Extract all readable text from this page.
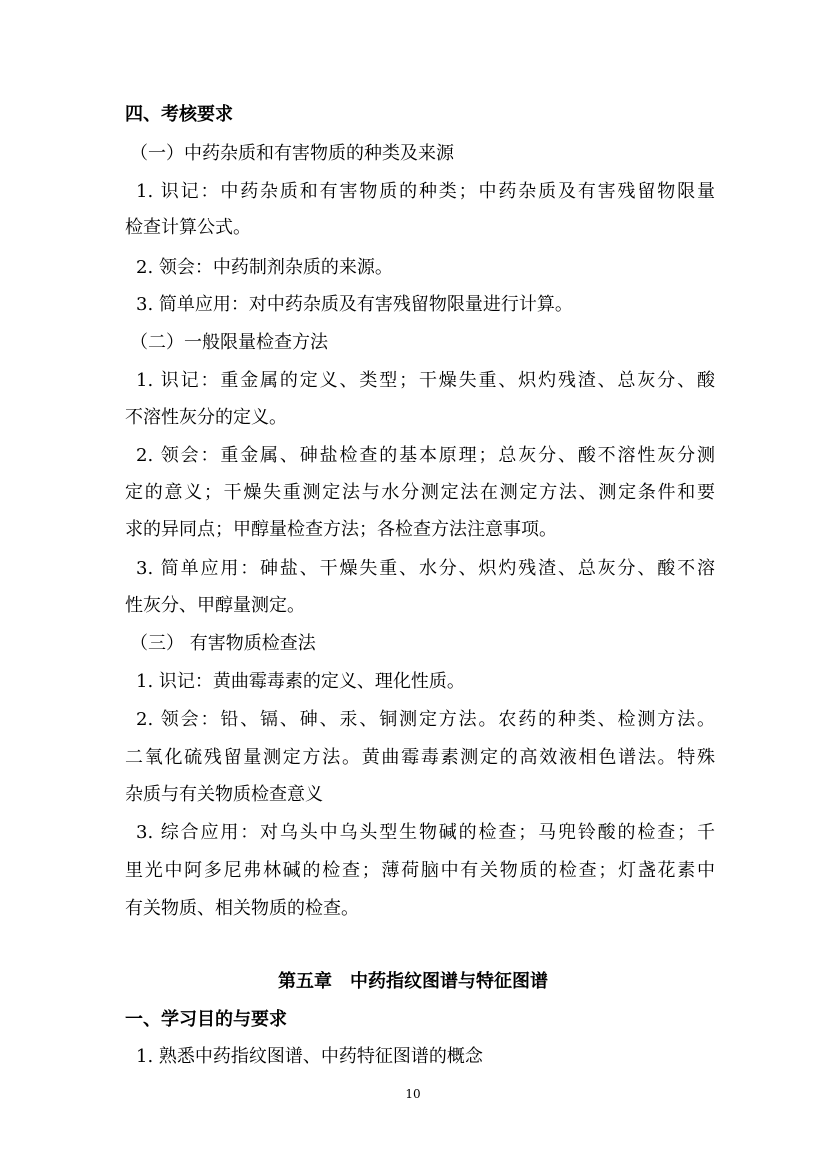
四、考核要求
（一）中药杂质和有害物质的种类及来源
1. 识记：中药杂质和有害物质的种类；中药杂质及有害残留物限量
检查计算公式。
2. 领会：中药制剂杂质的来源。
3. 简单应用：对中药杂质及有害残留物限量进行计算。
（二）一般限量检查方法
1. 识记：重金属的定义、类型；干燥失重、炽灼残渣、总灰分、酸
不溶性灰分的定义。
2. 领会：重金属、砷盐检查的基本原理；总灰分、酸不溶性灰分测
定的意义；干燥失重测定法与水分测定法在测定方法、测定条件和要
求的异同点；甲醇量检查方法；各检查方法注意事项。
3. 简单应用：砷盐、干燥失重、水分、炽灼残渣、总灰分、酸不溶
性灰分、甲醇量测定。
（三） 有害物质检查法
1. 识记：黄曲霉毒素的定义、理化性质。
2. 领会：铅、镉、砷、汞、铜测定方法。农药的种类、检测方法。
二氧化硫残留量测定方法。黄曲霉毒素测定的高效液相色谱法。特殊
杂质与有关物质检查意义
3. 综合应用：对乌头中乌头型生物碱的检查；马兜铃酸的检查；千
里光中阿多尼弗林碱的检查；薄荷脑中有关物质的检查；灯盏花素中
有关物质、相关物质的检查。
第五章　中药指纹图谱与特征图谱
一、学习目的与要求
1. 熟悉中药指纹图谱、中药特征图谱的概念
10
